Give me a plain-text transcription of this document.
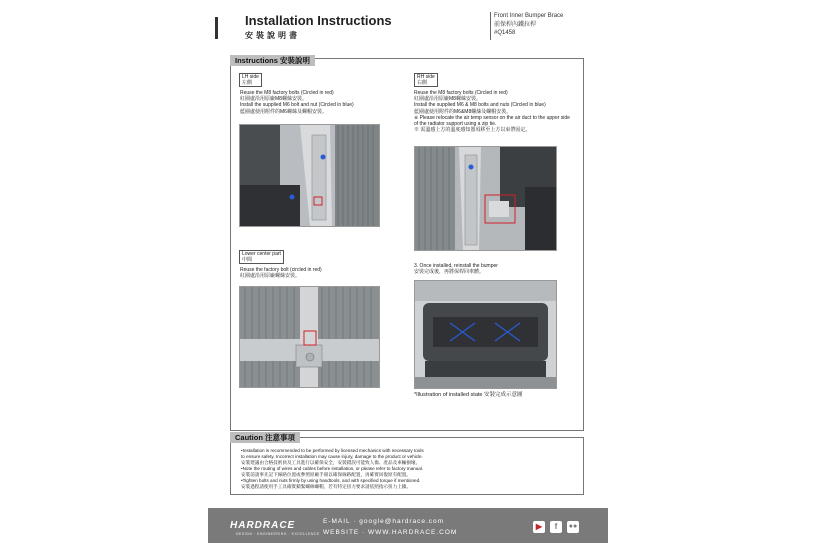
Installation Instructions
安裝說明書
Front Inner Bumper Brace
前保桿內鐵拉桿
#Q1458
Instructions 安裝說明
LH side
左側
Reuse the M8 factory bolts (Circled in red)
紅圈處沿用原廠M8螺絲安裝。
Install the supplied M6 bolt and nut (Circled in blue)
藍圈處使用附件的M6螺絲及螺帽安裝。
RH side
右側
Reuse the M8 factory bolts (Circled in red)
紅圈處沿用原廠M8螺絲安裝。
Install the supplied M6 & M8 bolts and nuts (Circled in blue)
藍圈處使用附件的M6&M8螺絲及螺帽安裝。
※ Please relocate the air temp sensor on the air duct to the upper side
of the radiator support using a zip tie.
※ 需溫感上方的溫度感知器須移至上方以束帶固定。
Lower center part
中間
Reuse the factory bolt (circled in red)
紅圈處沿用原廠螺絲安裝。
3. Once installed, reinstall the bumper
安裝完成後，再將保桿回車體。
*Illustration of installed state 安裝完成示意圖
Caution 注意事項
•Installation is recommended to be performed by licensed mechanics with necessary tools
to ensure safety. Incorrect installation may cause injury, damage to the product or vehicle.
安裝建議由合格技術員及工具進行以確保安全，安裝錯誤可能致人傷、產品及車輛損壞。
•Note the routing of wires and cables before installation, or please refer to factory manual.
安裝前請事先記下線路位置或參照原廠手冊以確保線路配置，再確實回復原有配置。
•Tighten bolts and nuts firmly by using handtools, and with specified torque if mentioned.
安裝過程請使用手工具確實鎖緊螺絲螺帽，若有特定扭力要求請依照指示扭力上鎖。
HARDRACE
DESIGN · ENGINEERING · EXCELLENCE
E-MAIL · google@hardrace.com
WEBSITE · WWW.HARDRACE.COM
▶	f	●●
